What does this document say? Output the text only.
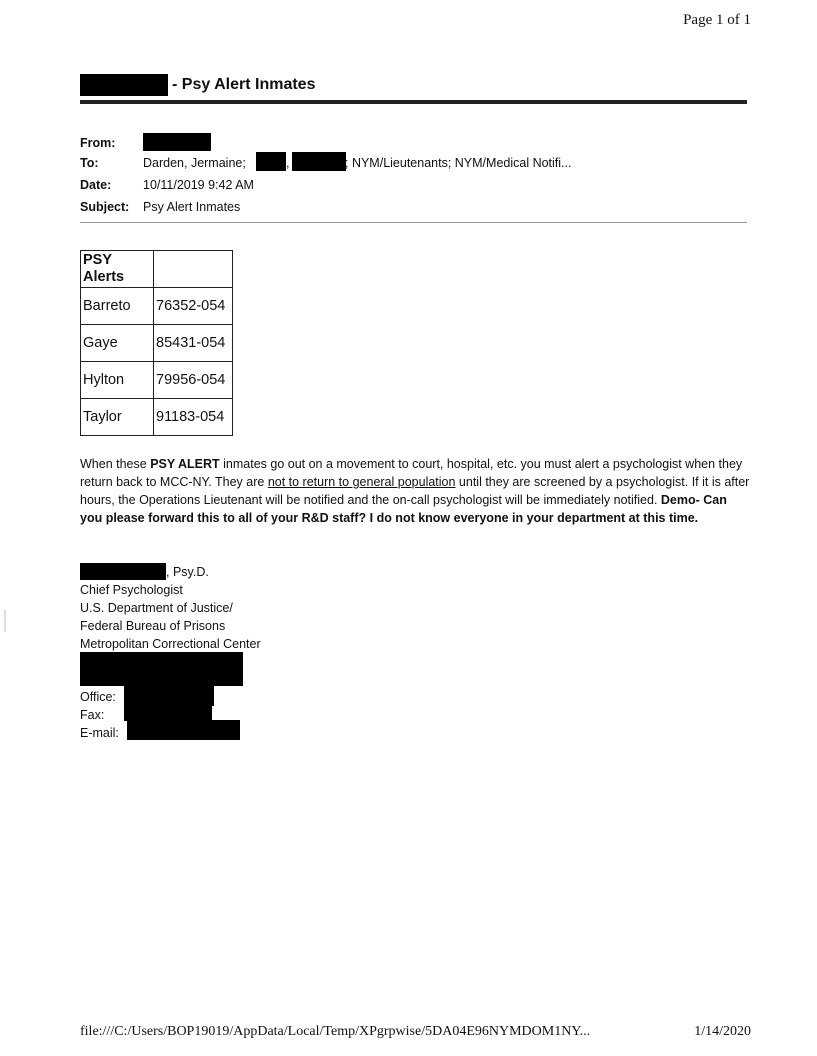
Page 1 of 1
- Psy Alert Inmates
From:
To:	Darden, Jermaine;	,	; NYM/Lieutenants; NYM/Medical Notifi...
Date:	10/11/2019 9:42 AM
Subject: Psy Alert Inmates
PSY Alerts	
Barreto	76352-054
Gaye	85431-054
Hylton	79956-054
Taylor	91183-054
When these PSY ALERT inmates go out on a movement to court, hospital, etc. you must alert a psychologist when they return back to MCC-NY. They are not to return to general population until they are screened by a psychologist. If it is after hours, the Operations Lieutenant will be notified and the on-call psychologist will be immediately notified. Demo- Can you please forward this to all of your R&D staff? I do not know everyone in your department at this time.
, Psy.D.
Chief Psychologist
U.S. Department of Justice/
Federal Bureau of Prisons
Metropolitan Correctional Center
Office:
Fax:
E-mail:
file:///C:/Users/BOP19019/AppData/Local/Temp/XPgrpwise/5DA04E96NYMDOM1NY...	1/14/2020
